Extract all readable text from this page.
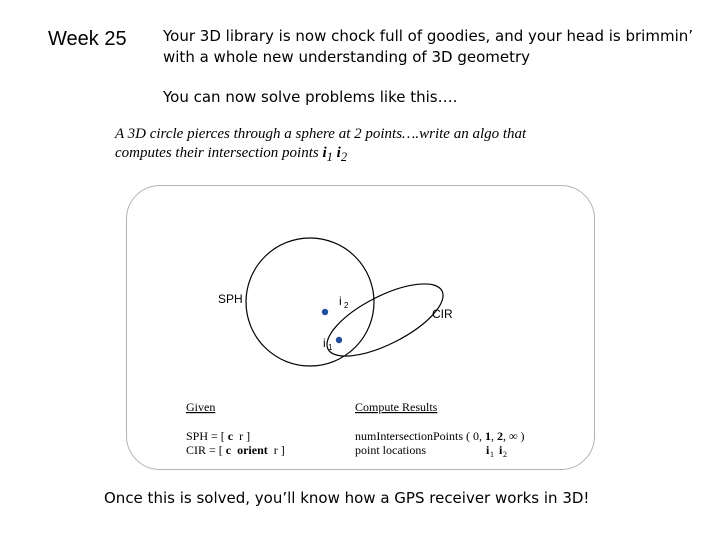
Week 25 Your 3D library is now chock full of goodies, and your head is brimmin’
with a whole new understanding of 3D geometry
You can now solve problems like this….
A 3D circle pierces through a sphere at 2 points….write an algo that
computes their intersection points $i_1$ $i_2$
SPH
CIR
i 2
i 1
Given
SPH = [ c r ]
CIR = [ c orient r ]
Compute Results
numIntersectionPoints ( 0, 1, 2, ∞ )
point locations	i 1 i 2
Once this is solved, you’ll know how a GPS receiver works in 3D!
